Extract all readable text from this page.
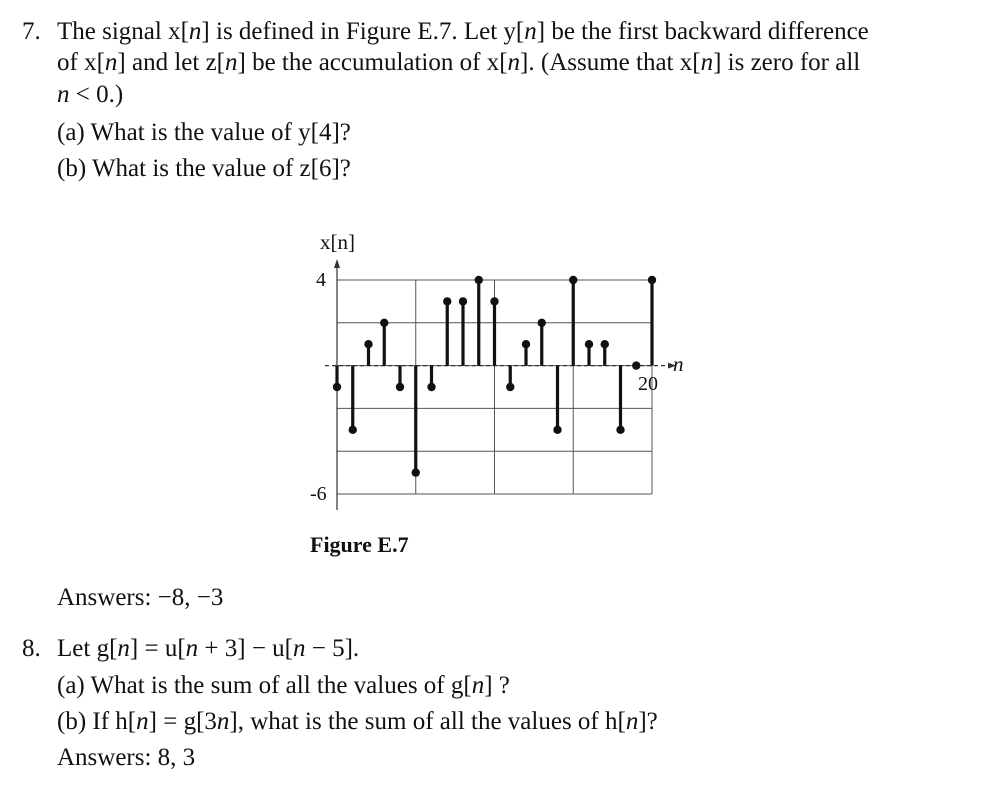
7. The signal x[n] is defined in Figure E.7. Let y[n] be the first backward difference
of x[n] and let z[n] be the accumulation of x[n]. (Assume that x[n] is zero for all
n < 0.)
(a) What is the value of y[4]?
(b) What is the value of z[6]?
x[n]
4
-6
20
n
Figure E.7
Answers: −8, −3
8. Let g[n] = u[n + 3] − u[n − 5].
(a) What is the sum of all the values of g[n] ?
(b) If h[n] = g[3n], what is the sum of all the values of h[n]?
Answers: 8, 3
